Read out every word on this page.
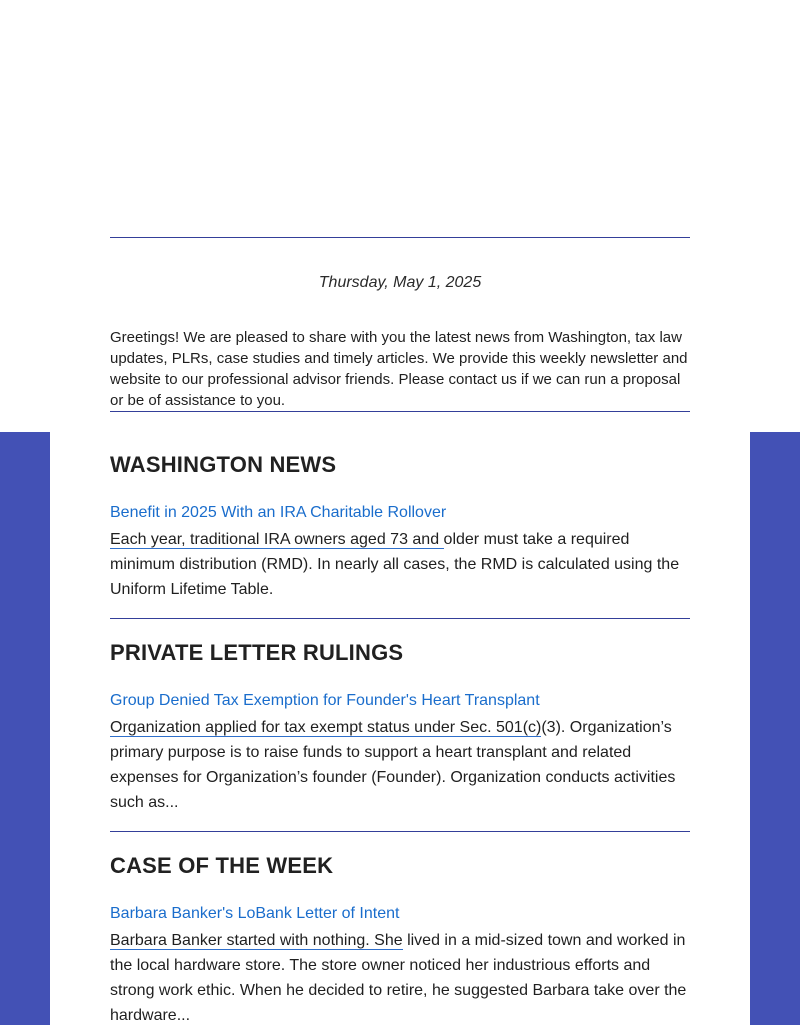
Thursday, May 1, 2025

Greetings! We are pleased to share with you the latest news from Washington, tax law updates, PLRs, case studies and timely articles. We provide this weekly newsletter and website to our professional advisor friends. Please contact us if we can run a proposal or be of assistance to you.

WASHINGTON NEWS

Benefit in 2025 With an IRA Charitable Rollover

Each year, traditional IRA owners aged 73 and older must take a required minimum distribution (RMD). In nearly all cases, the RMD is calculated using the Uniform Lifetime Table.

PRIVATE LETTER RULINGS

Group Denied Tax Exemption for Founder's Heart Transplant

Organization applied for tax exempt status under Sec. 501(c)(3). Organization’s primary purpose is to raise funds to support a heart transplant and related expenses for Organization’s founder (Founder). Organization conducts activities such as...

CASE OF THE WEEK

Barbara Banker's LoBank Letter of Intent

Barbara Banker started with nothing. She lived in a mid-sized town and worked in the local hardware store. The store owner noticed her industrious efforts and strong work ethic. When he decided to retire, he suggested Barbara take over the hardware...
